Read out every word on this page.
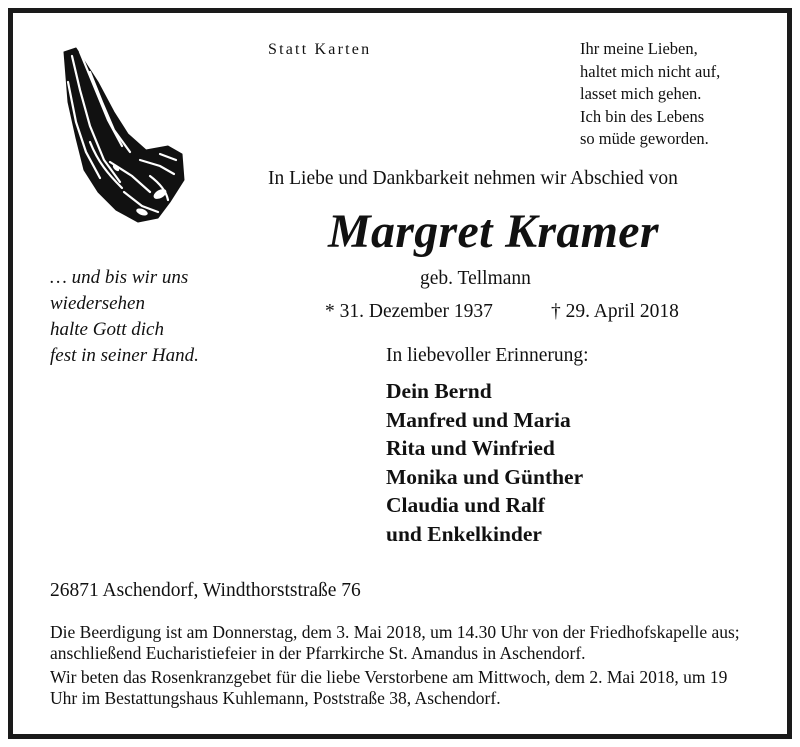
Statt Karten	Ihr meine Lieben,
haltet mich nicht auf,
lasset mich gehen.
Ich bin des Lebens
so müde geworden.
In Liebe und Dankbarkeit nehmen wir Abschied von
Margret Kramer
geb. Tellmann
* 31. Dezember 1937	† 29. April 2018
… und bis wir uns
wiedersehen
halte Gott dich
fest in seiner Hand.	In liebevoller Erinnerung:
Dein Bernd
Manfred und Maria
Rita und Winfried
Monika und Günther
Claudia und Ralf
und Enkelkinder
26871 Aschendorf, Windthorststraße 76

Die Beerdigung ist am Donnerstag, dem 3. Mai 2018, um 14.30 Uhr von der Friedhofskapelle aus; anschließend Eucharistiefeier in der Pfarrkirche St. Amandus in Aschendorf.

Wir beten das Rosenkranzgebet für die liebe Verstorbene am Mittwoch, dem 2. Mai 2018, um 19 Uhr im Bestattungshaus Kuhlemann, Poststraße 38, Aschendorf.
